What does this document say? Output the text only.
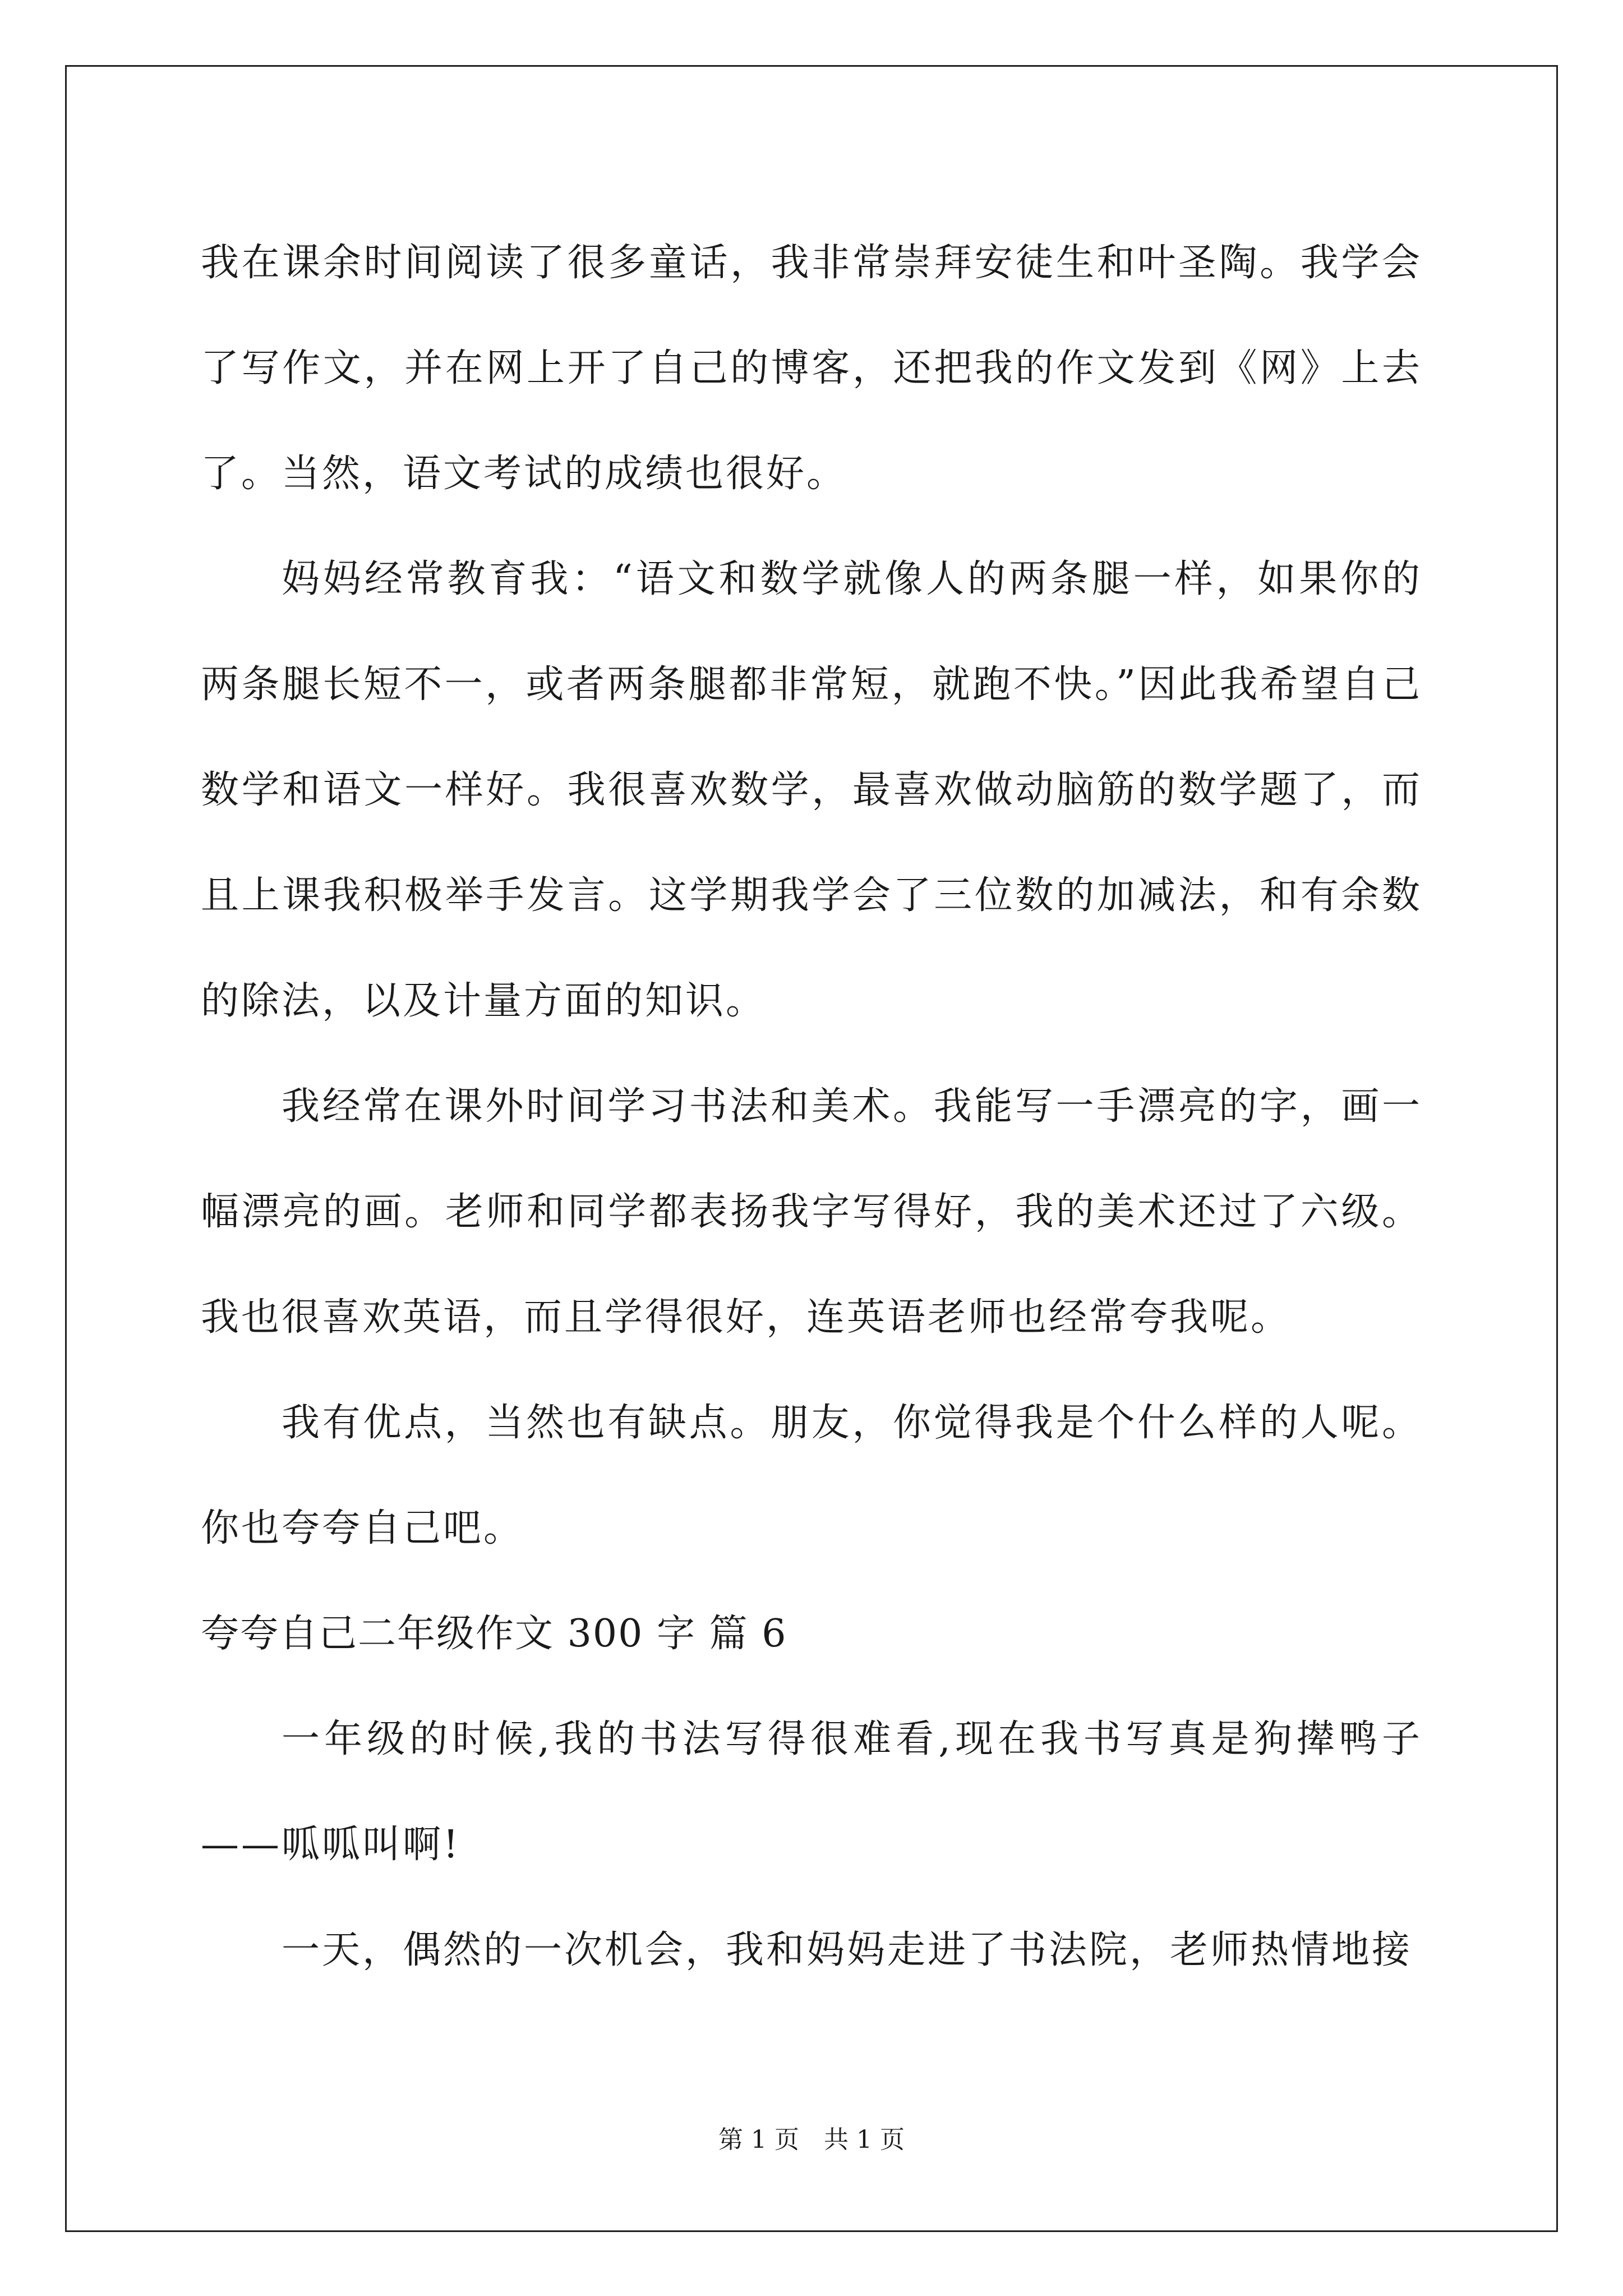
我在课余时间阅读了很多童话，我非常崇拜安徒生和叶圣陶。我学会了写作文，并在网上开了自己的博客，还把我的作文发到《网》上去了。当然，语文考试的成绩也很好。

妈妈经常教育我：“语文和数学就像人的两条腿一样，如果你的两条腿长短不一，或者两条腿都非常短，就跑不快。”因此我希望自己数学和语文一样好。我很喜欢数学，最喜欢做动脑筋的数学题了，而且上课我积极举手发言。这学期我学会了三位数的加减法，和有余数的除法，以及计量方面的知识。

我经常在课外时间学习书法和美术。我能写一手漂亮的字，画一幅漂亮的画。老师和同学都表扬我字写得好，我的美术还过了六级。我也很喜欢英语，而且学得很好，连英语老师也经常夸我呢。

我有优点，当然也有缺点。朋友，你觉得我是个什么样的人呢。你也夸夸自己吧。

夸夸自己二年级作文 300 字 篇 6

一年级的时候,我的书法写得很难看,现在我书写真是狗撵鸭子——呱呱叫啊!

一天，偶然的一次机会，我和妈妈走进了书法院，老师热情地接

第 1 页　共 1 页
